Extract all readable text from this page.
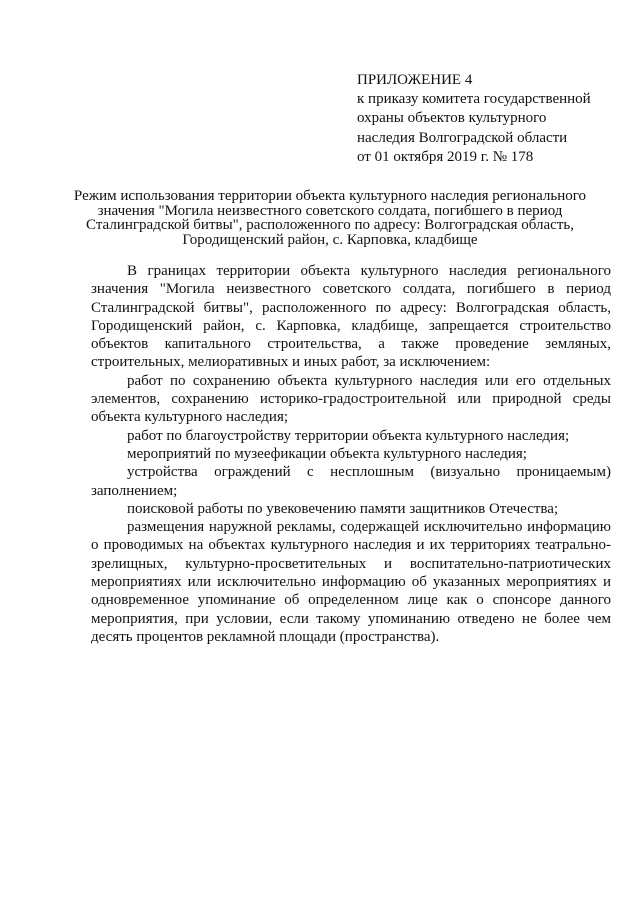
ПРИЛОЖЕНИЕ 4
к приказу комитета государственной
охраны объектов культурного
наследия Волгоградской области
от 01 октября 2019 г. № 178
Режим использования территории объекта культурного наследия регионального
значения "Могила неизвестного советского солдата, погибшего в период
Сталинградской битвы", расположенного по адресу: Волгоградская область,
Городищенский район, с. Карповка, кладбище

В границах территории объекта культурного наследия регионального значения "Могила неизвестного советского солдата, погибшего в период Сталинградской битвы", расположенного по адресу: Волгоградская область, Городищенский район, с. Карповка, кладбище, запрещается строительство объектов капитального строительства, а также проведение земляных, строительных, мелиоративных и иных работ, за исключением:

работ по сохранению объекта культурного наследия или его отдельных элементов, сохранению историко-градостроительной или природной среды объекта культурного наследия;

работ по благоустройству территории объекта культурного наследия;

мероприятий по музеефикации объекта культурного наследия;

устройства ограждений с несплошным (визуально проницаемым) заполнением;

поисковой работы по увековечению памяти защитников Отечества;

размещения наружной рекламы, содержащей исключительно информацию о проводимых на объектах культурного наследия и их территориях театрально-зрелищных, культурно-просветительных и воспитательно-патриотических мероприятиях или исключительно информацию об указанных мероприятиях и одновременное упоминание об определенном лице как о спонсоре данного мероприятия, при условии, если такому упоминанию отведено не более чем десять процентов рекламной площади (пространства).
